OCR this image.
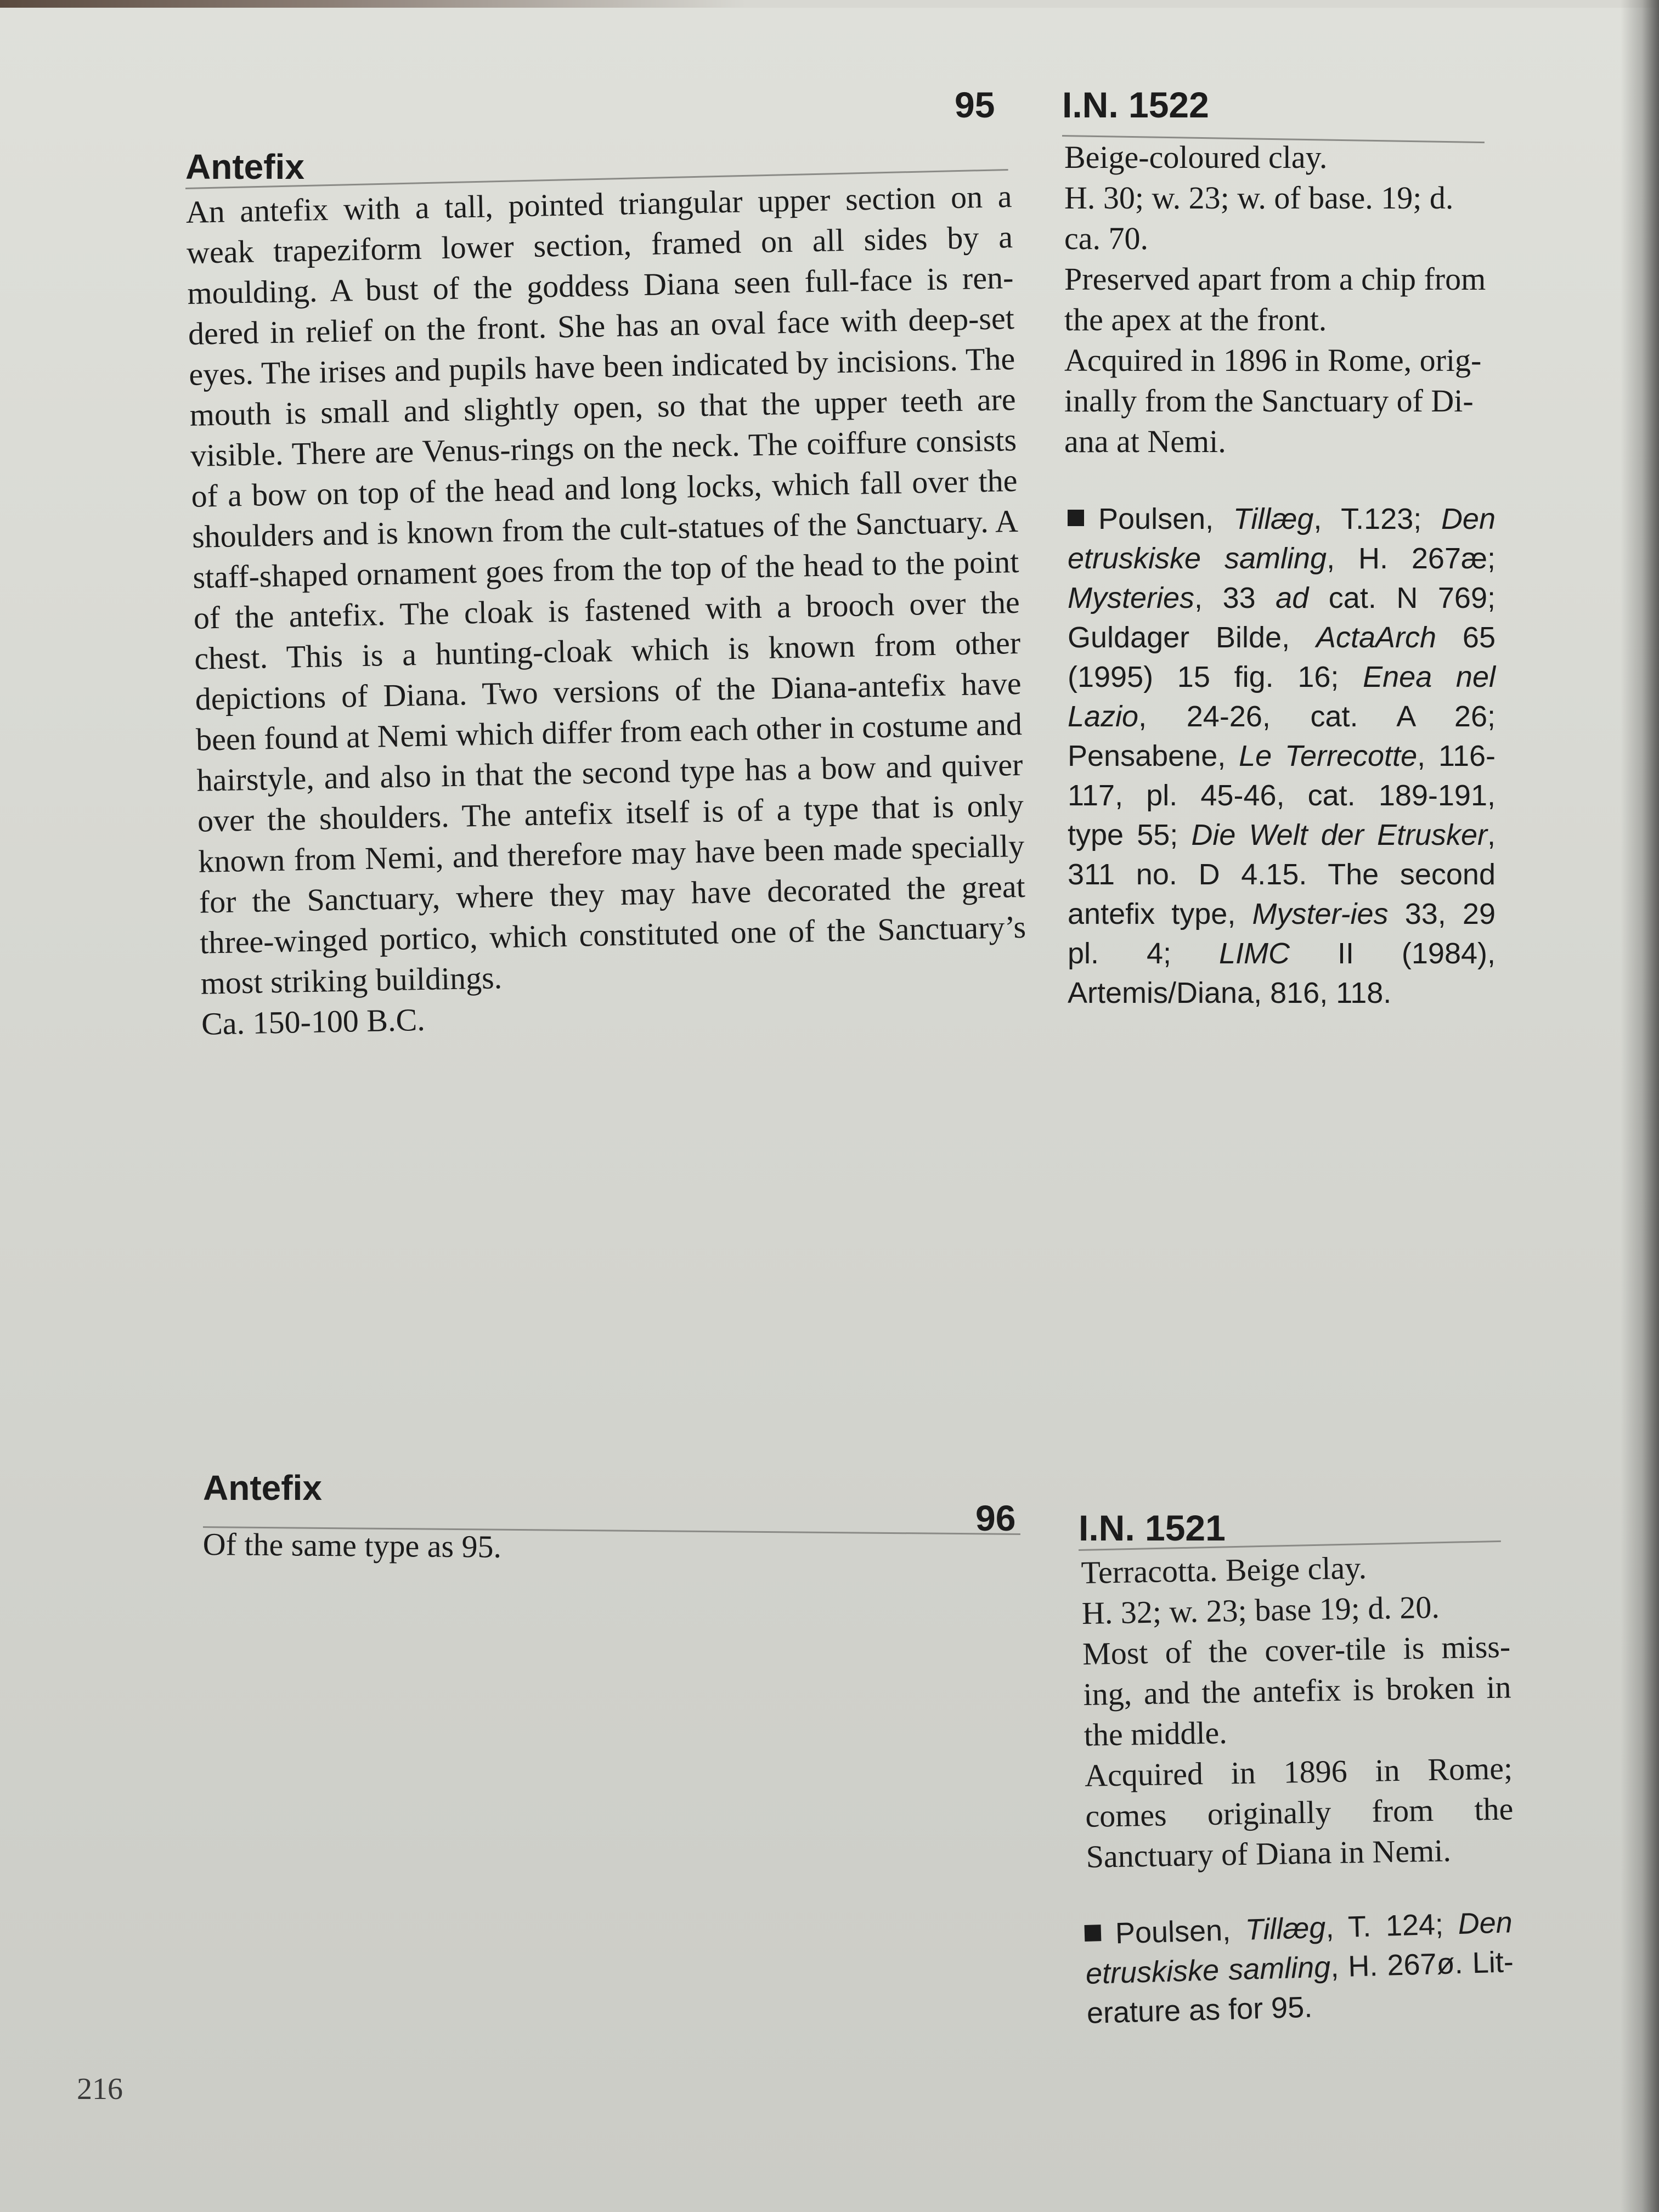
Antefix
95

An antefix with a tall, pointed triangular upper section on a weak trapeziform lower section, framed on all sides by a moulding. A bust of the goddess Diana seen full-face is ren-dered in relief on the front. She has an oval face with deep-set eyes. The irises and pupils have been indicated by incisions. The mouth is small and slightly open, so that the upper teeth are visible. There are Venus-rings on the neck. The coiffure consists of a bow on top of the head and long locks, which fall over the shoulders and is known from the cult-statues of the Sanctuary. A staff-shaped ornament goes from the top of the head to the point of the antefix. The cloak is fastened with a brooch over the chest. This is a hunting-cloak which is known from other depictions of Diana. Two versions of the Diana-antefix have been found at Nemi which differ from each other in costume and hairstyle, and also in that the second type has a bow and quiver over the shoulders. The antefix itself is of a type that is only known from Nemi, and therefore may have been made specially for the Sanctuary, where they may have decorated the great three-winged portico, which constituted one of the Sanctuary’s most striking buildings.

Ca. 150-100 B.C.

I.N. 1522

Beige-coloured clay.

H. 30; w. 23; w. of base. 19; d. ca. 70.

Preserved apart from a chip from the apex at the front.

Acquired in 1896 in Rome, orig-inally from the Sanctuary of Di-ana at Nemi.

Poulsen, Tillæg, T.123; Den etruskiske samling, H. 267æ; Mysteries, 33 ad cat. N 769; Guldager Bilde, ActaArch 65 (1995) 15 fig. 16; Enea nel Lazio, 24-26, cat. A 26; Pensabene, Le Terrecotte, 116-117, pl. 45-46, cat. 189-191, type 55; Die Welt der Etrusker, 311 no. D 4.15. The second antefix type, Myster-ies 33, 29 pl. 4; LIMC II (1984), Artemis/Diana, 816, 118.
Antefix
96

Of the same type as 95.	I.N. 1521

Terracotta. Beige clay.

H. 32; w. 23; base 19; d. 20.

Most of the cover-tile is miss-ing, and the antefix is broken in the middle.

Acquired in 1896 in Rome; comes originally from the Sanctuary of Diana in Nemi.

Poulsen, Tillæg, T. 124; Den etruskiske samling, H. 267ø. Lit-erature as for 95.
216
